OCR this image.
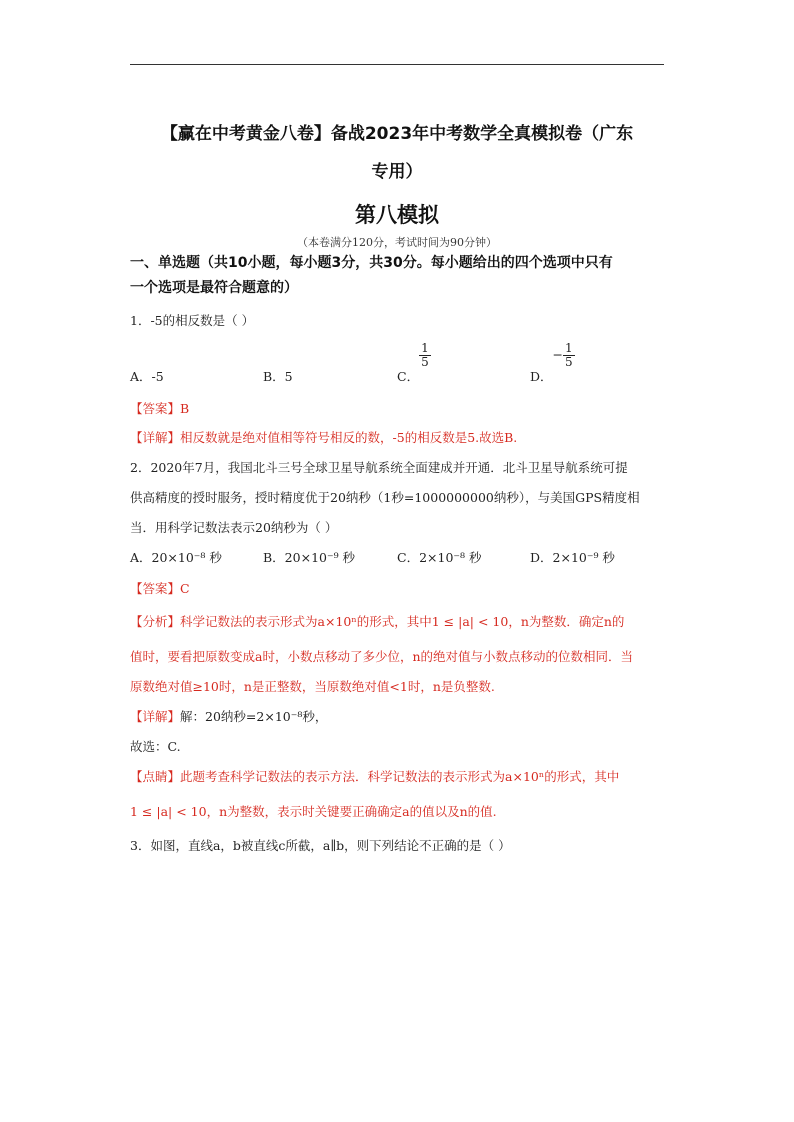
【赢在中考黄金八卷】备战2023年中考数学全真模拟卷（广东
专用）
第八模拟
（本卷满分120分，考试时间为90分钟）
一、单选题（共10小题，每小题3分，共30分。每小题给出的四个选项中只有
一个选项是最符合题意的）
1．-5的相反数是（ ）
A．-5	B．5	C．
$\frac{1}{5}$
D．− $\frac{1}{5}$
【答案】B
【详解】相反数就是绝对值相等符号相反的数，-5的相反数是5.故选B.
2．2020年7月，我国北斗三号全球卫星导航系统全面建成并开通．北斗卫星导航系统可提
供高精度的授时服务，授时精度优于20纳秒（1秒=1000000000纳秒），与美国GPS精度相
当．用科学记数法表示20纳秒为（ ）
A．20×10⁻⁸ 秒	B．20×10⁻⁹ 秒	C．2×10⁻⁸ 秒	D．2×10⁻⁹ 秒
【答案】C
【分析】科学记数法的表示形式为a×10ⁿ的形式，其中1 ≤ |a| < 10，n为整数．确定n的
值时，要看把原数变成a时，小数点移动了多少位，n的绝对值与小数点移动的位数相同．当
原数绝对值≥10时，n是正整数，当原数绝对值<1时，n是负整数.
【详解】解：20纳秒=2×10⁻⁸秒，
故选：C.
【点睛】此题考查科学记数法的表示方法．科学记数法的表示形式为a×10ⁿ的形式，其中
1 ≤ |a| < 10，n为整数，表示时关键要正确确定a的值以及n的值.
3．如图，直线a，b被直线c所截，a∥b，则下列结论不正确的是（ ）
